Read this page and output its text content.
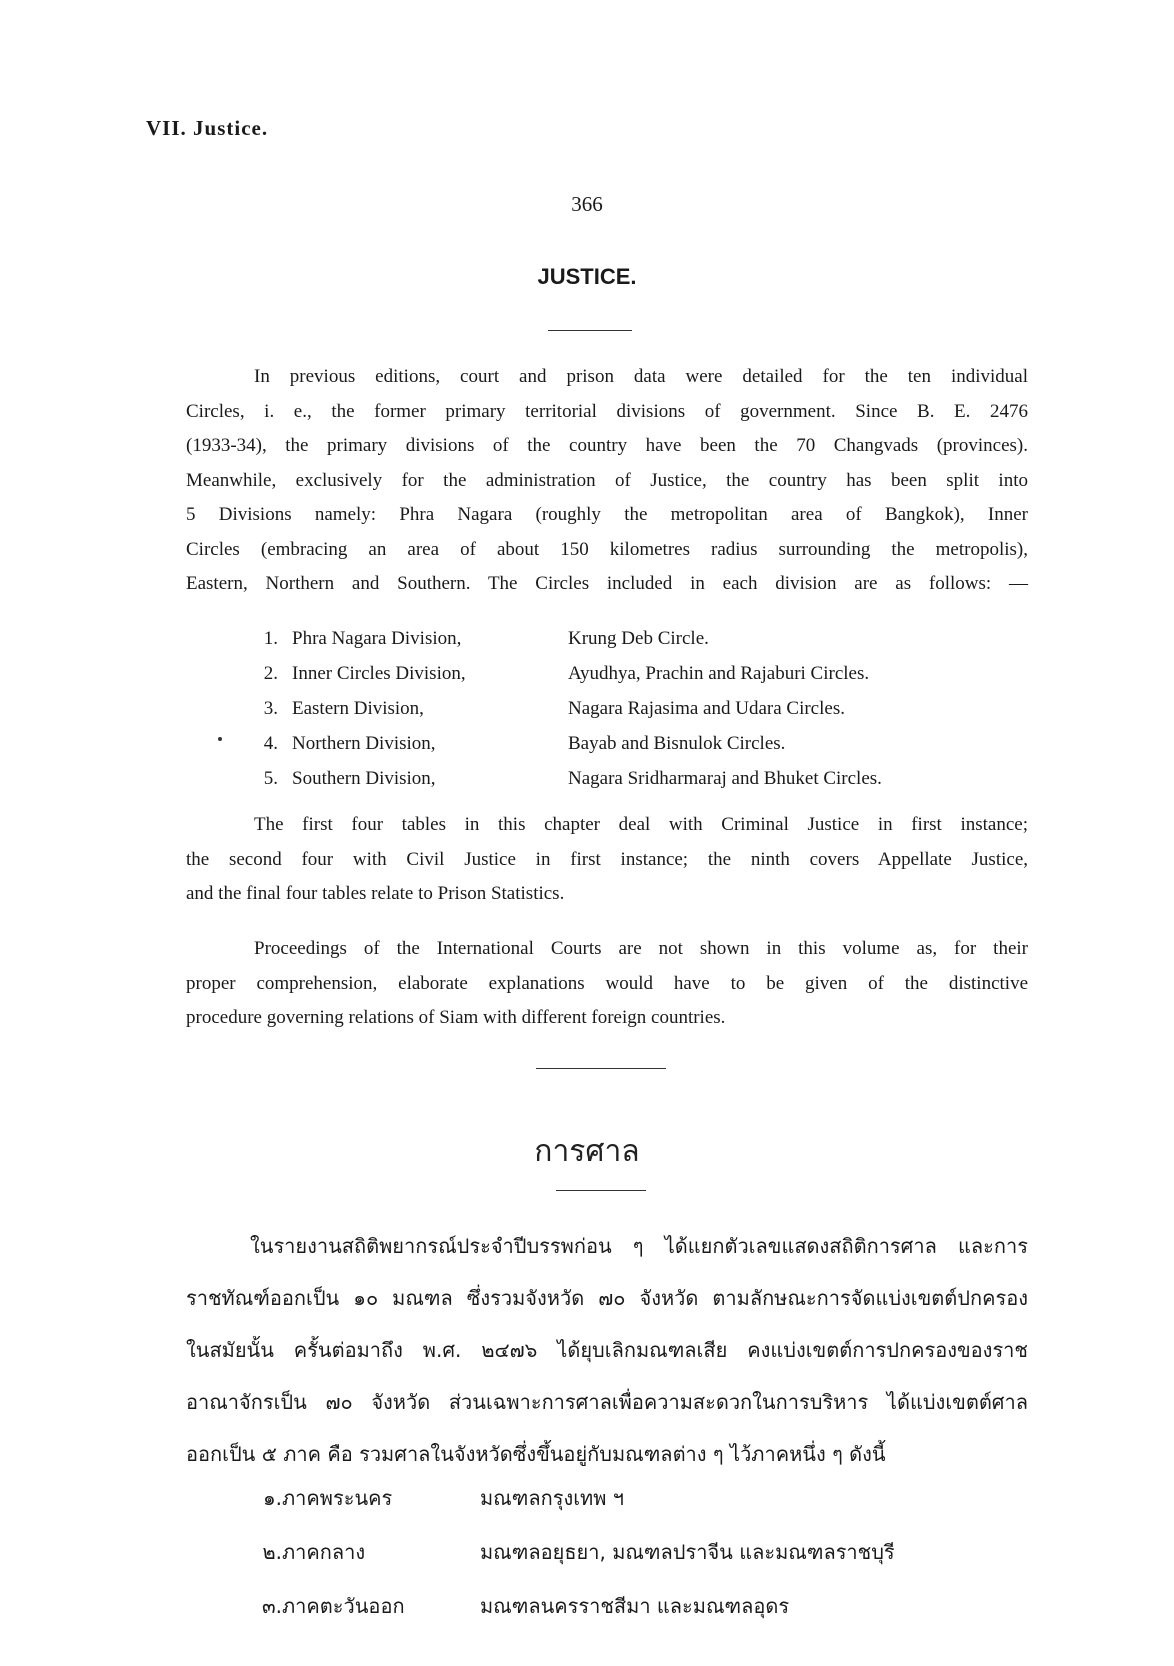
VII. Justice.
366
JUSTICE.
In previous editions, court and prison data were detailed for the ten individual
Circles, i. e., the former primary territorial divisions of government. Since B. E. 2476
(1933-34), the primary divisions of the country have been the 70 Changvads (provinces).
Meanwhile, exclusively for the administration of Justice, the country has been split into
5 Divisions namely: Phra Nagara (roughly the metropolitan area of Bangkok), Inner
Circles (embracing an area of about 150 kilometres radius surrounding the metropolis),
Eastern, Northern and Southern. The Circles included in each division are as follows: —
1. Phra Nagara Division,	Krung Deb Circle.
2. Inner Circles Division,	Ayudhya, Prachin and Rajaburi Circles.
3. Eastern Division,	Nagara Rajasima and Udara Circles.
4. Northern Division,	Bayab and Bisnulok Circles.
5. Southern Division,	Nagara Sridharmaraj and Bhuket Circles.
The first four tables in this chapter deal with Criminal Justice in first instance;
the second four with Civil Justice in first instance; the ninth covers Appellate Justice,
and the final four tables relate to Prison Statistics.
Proceedings of the International Courts are not shown in this volume as, for their
proper comprehension, elaborate explanations would have to be given of the distinctive
procedure governing relations of Siam with different foreign countries.
การศาล
ในรายงานสถิติพยากรณ์ประจำปีบรรพก่อน ๆ ได้แยกตัวเลขแสดงสถิติการศาล และการ
ราชทัณฑ์ออกเป็น ๑๐ มณฑล ซึ่งรวมจังหวัด ๗๐ จังหวัด ตามลักษณะการจัดแบ่งเขตต์ปกครอง
ในสมัยนั้น ครั้นต่อมาถึง พ.ศ. ๒๔๗๖ ได้ยุบเลิกมณฑลเสีย คงแบ่งเขตต์การปกครองของราช
อาณาจักรเป็น ๗๐ จังหวัด ส่วนเฉพาะการศาลเพื่อความสะดวกในการบริหาร ได้แบ่งเขตต์ศาล
ออกเป็น ๕ ภาค คือ รวมศาลในจังหวัดซึ่งขึ้นอยู่กับมณฑลต่าง ๆ ไว้ภาคหนึ่ง ๆ ดังนี้
๑. ภาคพระนคร	มณฑลกรุงเทพ ฯ
๒. ภาคกลาง	มณฑลอยุธยา, มณฑลปราจีน และมณฑลราชบุรี
๓. ภาคตะวันออก	มณฑลนครราชสีมา และมณฑลอุดร
